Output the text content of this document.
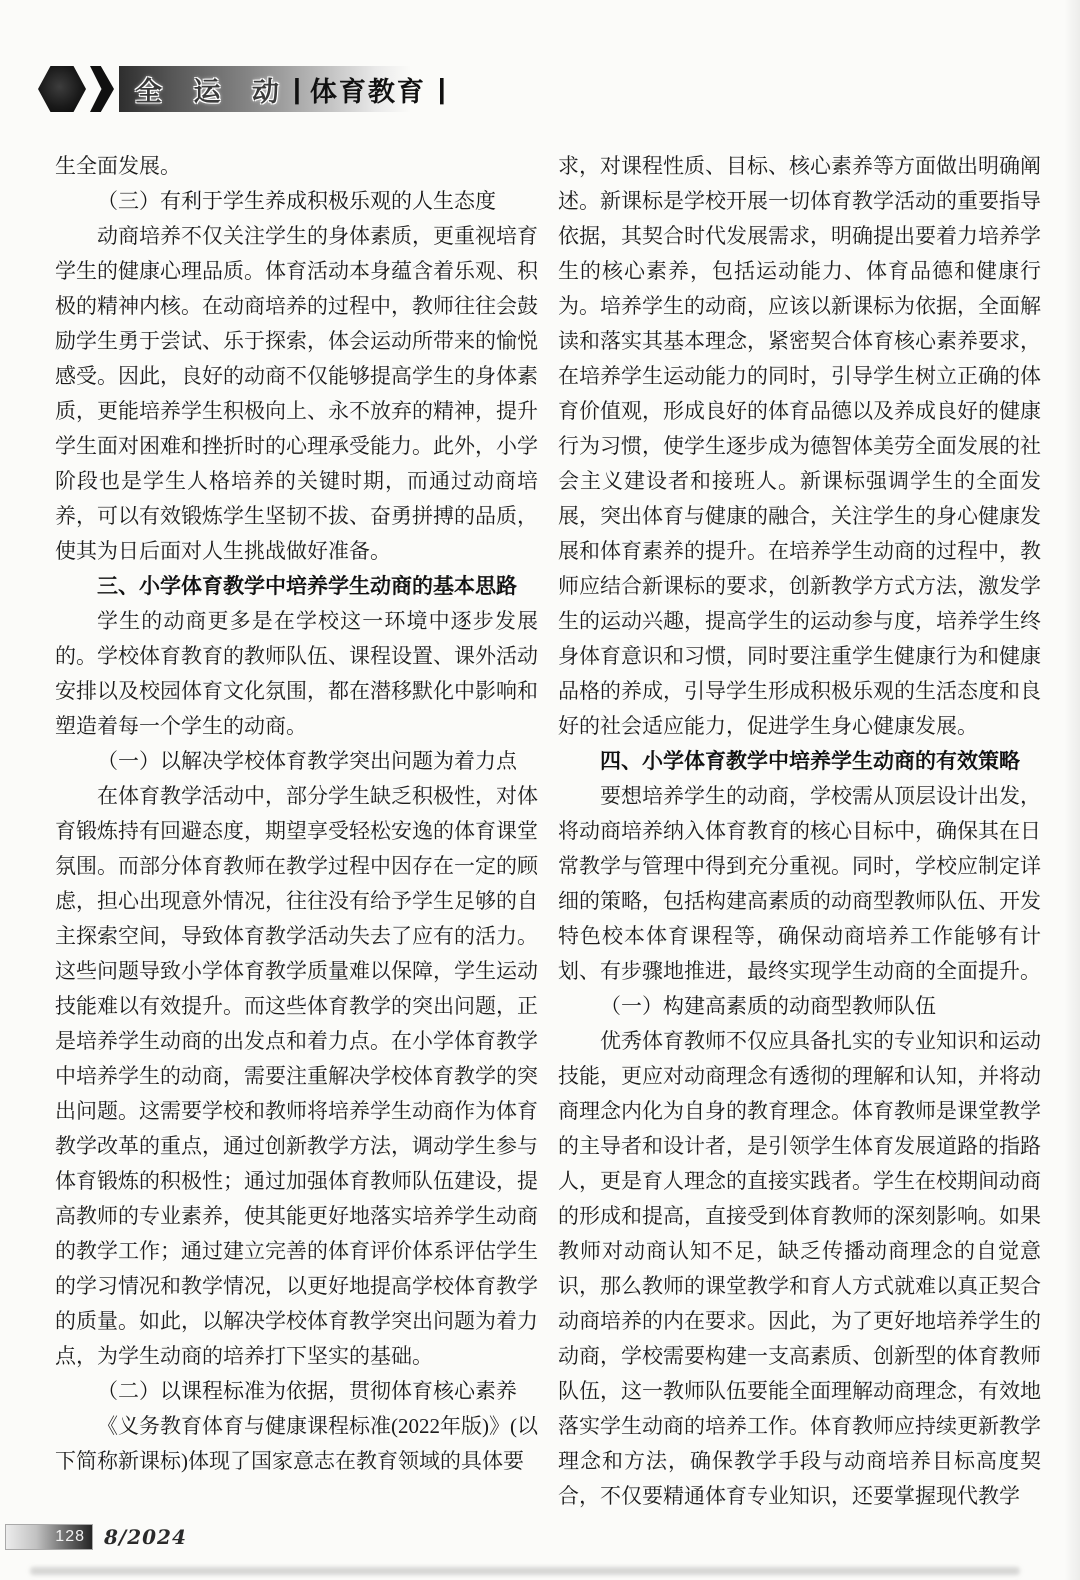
全 运 动 | 体育教育 |

生全面发展。

（三）有利于学生养成积极乐观的人生态度

动商培养不仅关注学生的身体素质，更重视培育学生的健康心理品质。体育活动本身蕴含着乐观、积极的精神内核。在动商培养的过程中，教师往往会鼓励学生勇于尝试、乐于探索，体会运动所带来的愉悦感受。因此，良好的动商不仅能够提高学生的身体素质，更能培养学生积极向上、永不放弃的精神，提升学生面对困难和挫折时的心理承受能力。此外，小学阶段也是学生人格培养的关键时期，而通过动商培养，可以有效锻炼学生坚韧不拔、奋勇拼搏的品质，使其为日后面对人生挑战做好准备。

三、小学体育教学中培养学生动商的基本思路

学生的动商更多是在学校这一环境中逐步发展的。学校体育教育的教师队伍、课程设置、课外活动安排以及校园体育文化氛围，都在潜移默化中影响和塑造着每一个学生的动商。

（一）以解决学校体育教学突出问题为着力点

在体育教学活动中，部分学生缺乏积极性，对体育锻炼持有回避态度，期望享受轻松安逸的体育课堂氛围。而部分体育教师在教学过程中因存在一定的顾虑，担心出现意外情况，往往没有给予学生足够的自主探索空间，导致体育教学活动失去了应有的活力。这些问题导致小学体育教学质量难以保障，学生运动技能难以有效提升。而这些体育教学的突出问题，正是培养学生动商的出发点和着力点。在小学体育教学中培养学生的动商，需要注重解决学校体育教学的突出问题。这需要学校和教师将培养学生动商作为体育教学改革的重点，通过创新教学方法，调动学生参与体育锻炼的积极性；通过加强体育教师队伍建设，提高教师的专业素养，使其能更好地落实培养学生动商的教学工作；通过建立完善的体育评价体系评估学生的学习情况和教学情况，以更好地提高学校体育教学的质量。如此，以解决学校体育教学突出问题为着力点，为学生动商的培养打下坚实的基础。

（二）以课程标准为依据，贯彻体育核心素养

《义务教育体育与健康课程标准(2022年版)》(以下简称新课标)体现了国家意志在教育领域的具体要

求，对课程性质、目标、核心素养等方面做出明确阐述。新课标是学校开展一切体育教学活动的重要指导依据，其契合时代发展需求，明确提出要着力培养学生的核心素养，包括运动能力、体育品德和健康行为。培养学生的动商，应该以新课标为依据，全面解读和落实其基本理念，紧密契合体育核心素养要求，在培养学生运动能力的同时，引导学生树立正确的体育价值观，形成良好的体育品德以及养成良好的健康行为习惯，使学生逐步成为德智体美劳全面发展的社会主义建设者和接班人。新课标强调学生的全面发展，突出体育与健康的融合，关注学生的身心健康发展和体育素养的提升。在培养学生动商的过程中，教师应结合新课标的要求，创新教学方式方法，激发学生的运动兴趣，提高学生的运动参与度，培养学生终身体育意识和习惯，同时要注重学生健康行为和健康品格的养成，引导学生形成积极乐观的生活态度和良好的社会适应能力，促进学生身心健康发展。

四、小学体育教学中培养学生动商的有效策略

要想培养学生的动商，学校需从顶层设计出发，将动商培养纳入体育教育的核心目标中，确保其在日常教学与管理中得到充分重视。同时，学校应制定详细的策略，包括构建高素质的动商型教师队伍、开发特色校本体育课程等，确保动商培养工作能够有计划、有步骤地推进，最终实现学生动商的全面提升。

（一）构建高素质的动商型教师队伍

优秀体育教师不仅应具备扎实的专业知识和运动技能，更应对动商理念有透彻的理解和认知，并将动商理念内化为自身的教育理念。体育教师是课堂教学的主导者和设计者，是引领学生体育发展道路的指路人，更是育人理念的直接实践者。学生在校期间动商的形成和提高，直接受到体育教师的深刻影响。如果教师对动商认知不足，缺乏传播动商理念的自觉意识，那么教师的课堂教学和育人方式就难以真正契合动商培养的内在要求。因此，为了更好地培养学生的动商，学校需要构建一支高素质、创新型的体育教师队伍，这一教师队伍要能全面理解动商理念，有效地落实学生动商的培养工作。体育教师应持续更新教学理念和方法，确保教学手段与动商培养目标高度契合，不仅要精通体育专业知识，还要掌握现代教学

128 8/2024
